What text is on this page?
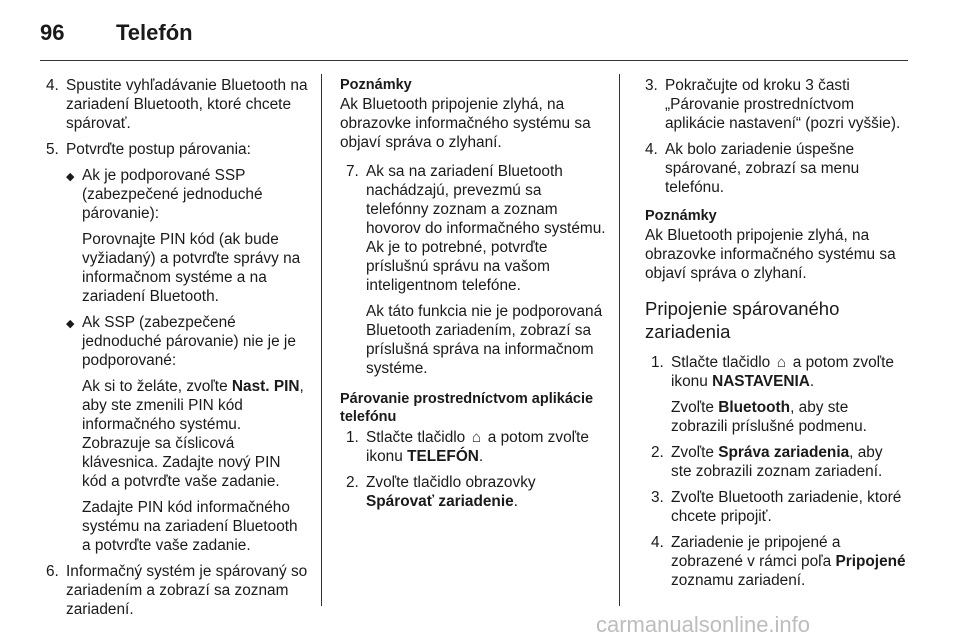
96 Telefón
4. Spustite vyhľadávanie Bluetooth na zariadení Bluetooth, ktoré chcete spárovať.

5. Potvrďte postup párovania:

◆ Ak je podporované SSP (zabezpečené jednoduché párovanie):

Porovnajte PIN kód (ak bude vyžiadaný) a potvrďte správy na informačnom systéme a na zariadení Bluetooth.

◆ Ak SSP (zabezpečené jednoduché párovanie) nie je je podporované:

Ak si to želáte, zvoľte Nast. PIN, aby ste zmenili PIN kód informačného systému. Zobrazuje sa číslicová klávesnica. Zadajte nový PIN kód a potvrďte vaše zadanie.

Zadajte PIN kód informačného systému na zariadení Bluetooth a potvrďte vaše zadanie.

6. Informačný systém je spárovaný so zariadením a zobrazí sa zoznam zariadení.

Poznámky
Ak Bluetooth pripojenie zlyhá, na obrazovke informačného systému sa objaví správa o zlyhaní.
7. Ak sa na zariadení Bluetooth nachádzajú, prevezmú sa telefónny zoznam a zoznam hovorov do informačného systému. Ak je to potrebné, potvrďte príslušnú správu na vašom inteligentnom telefóne.

Ak táto funkcia nie je podporovaná Bluetooth zariadením, zobrazí sa príslušná správa na informačnom systéme.

Párovanie prostredníctvom aplikácie telefónu
1. Stlačte tlačidlo ⌂ a potom zvoľte ikonu TELEFÓN.

2. Zvoľte tlačidlo obrazovky Spárovať zariadenie.

3. Pokračujte od kroku 3 časti „Párovanie prostredníctvom aplikácie nastavení“ (pozri vyššie).

4. Ak bolo zariadenie úspešne spárované, zobrazí sa menu telefónu.

Poznámky
Ak Bluetooth pripojenie zlyhá, na obrazovke informačného systému sa objaví správa o zlyhaní.
Pripojenie spárovaného zariadenia
1. Stlačte tlačidlo ⌂ a potom zvoľte ikonu NASTAVENIA.

Zvoľte Bluetooth, aby ste zobrazili príslušné podmenu.

2. Zvoľte Správa zariadenia, aby ste zobrazili zoznam zariadení.

3. Zvoľte Bluetooth zariadenie, ktoré chcete pripojiť.

4. Zariadenie je pripojené a zobrazené v rámci poľa Pripojené zoznamu zariadení.

carmanualsonline.info
